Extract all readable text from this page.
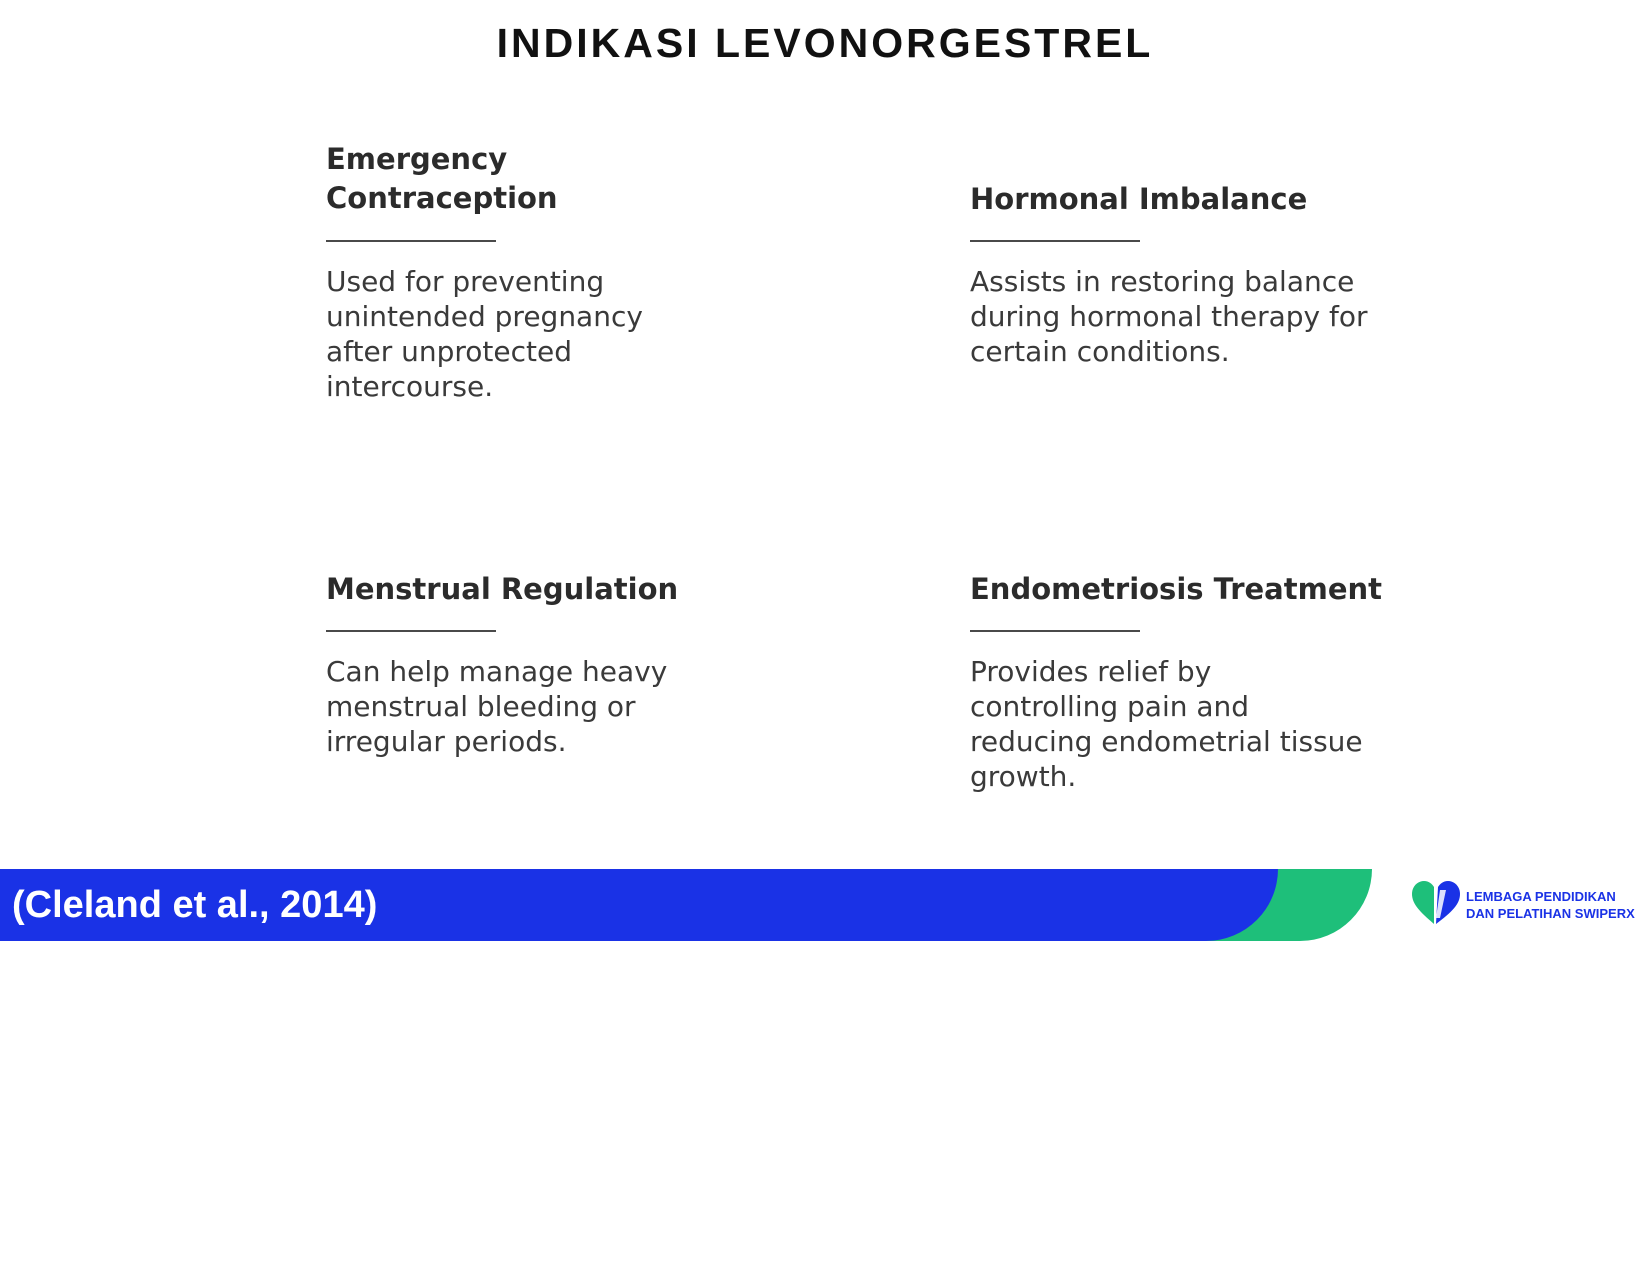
INDIKASI LEVONORGESTREL

Emergency

Contraception

Used for preventing unintended pregnancy after unprotected intercourse.

Hormonal Imbalance

Assists in restoring balance during hormonal therapy for certain conditions.

Menstrual Regulation

Can help manage heavy menstrual bleeding or irregular periods.

Endometriosis Treatment

Provides relief by controlling pain and reducing endometrial tissue growth.

(Cleland et al., 2014)	LEMBAGA PENDIDIKAN
DAN PELATIHAN SWIPERX
